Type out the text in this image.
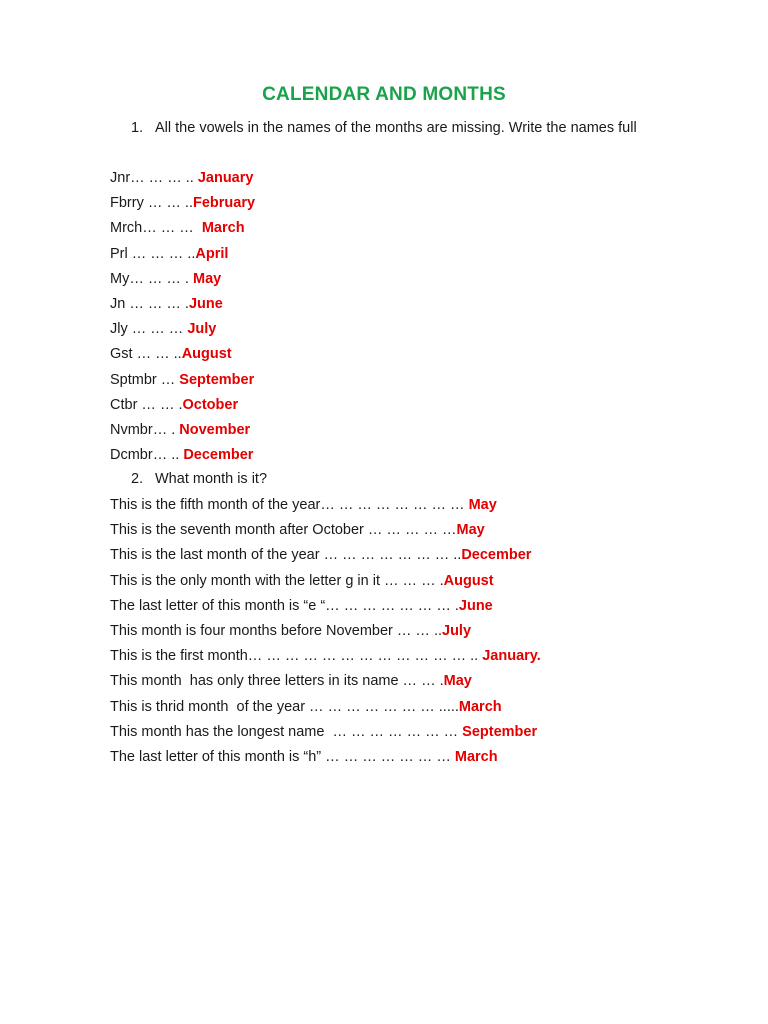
CALENDAR AND MONTHS
1. All the vowels in the names of the months are missing. Write the names full
Jnr… … … .. January
Fbrry … … ..February
Mrch… … …  March
Prl … … … ..April
My… … … . May
Jn … … … .June
Jly … … … July
Gst … … ..August
Sptmbr … September
Ctbr … … .October
Nvmbr… . November
Dcmbr… .. December
2. What month is it?
This is the fifth month of the year… … … … … … … … May
This is the seventh month after October … … … … …May
This is the last month of the year … … … … … … … ..December
This is the only month with the letter g in it … … … .August
The last letter of this month is “e “… … … … … … … .June
This month is four months before November … … ..July
This is the first month… … … … … … … … … … … … .. January.
This month  has only three letters in its name … … .May
This is thrid month  of the year … … … … … … … .....March
This month has the longest name  … … … … … … … September
The last letter of this month is “h” … … … … … … … March
